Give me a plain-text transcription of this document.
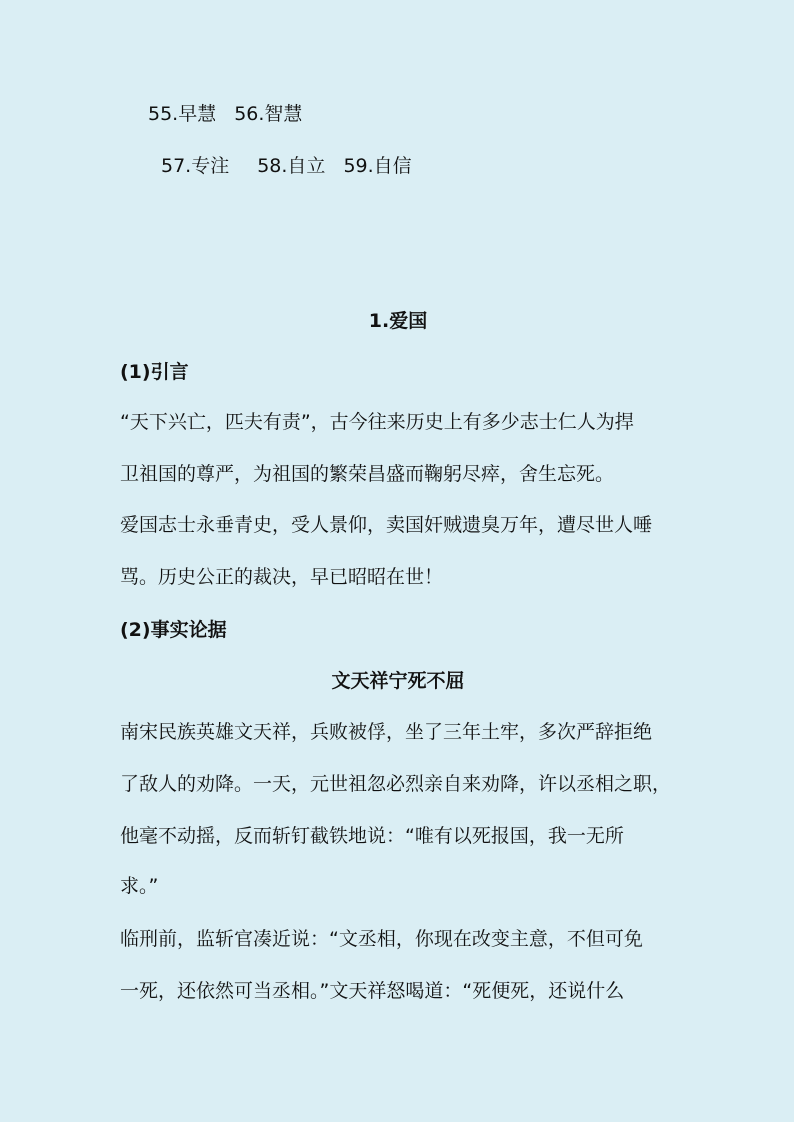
55.早慧 56.智慧
57.专注 58.自立 59.自信
1.爱国
(1)引言
“天下兴亡，匹夫有责”，古今往来历史上有多少志士仁人为捍
卫祖国的尊严，为祖国的繁荣昌盛而鞠躬尽瘁，舍生忘死。
爱国志士永垂青史，受人景仰，卖国奸贼遗臭万年，遭尽世人唾
骂。历史公正的裁决，早已昭昭在世！
(2)事实论据
文天祥宁死不屈
南宋民族英雄文天祥，兵败被俘，坐了三年土牢，多次严辞拒绝
了敌人的劝降。一天，元世祖忽必烈亲自来劝降，许以丞相之职，
他毫不动摇，反而斩钉截铁地说：“唯有以死报国，我一无所
求。”
临刑前，监斩官凑近说：“文丞相，你现在改变主意，不但可免
一死，还依然可当丞相。”文天祥怒喝道：“死便死，还说什么
